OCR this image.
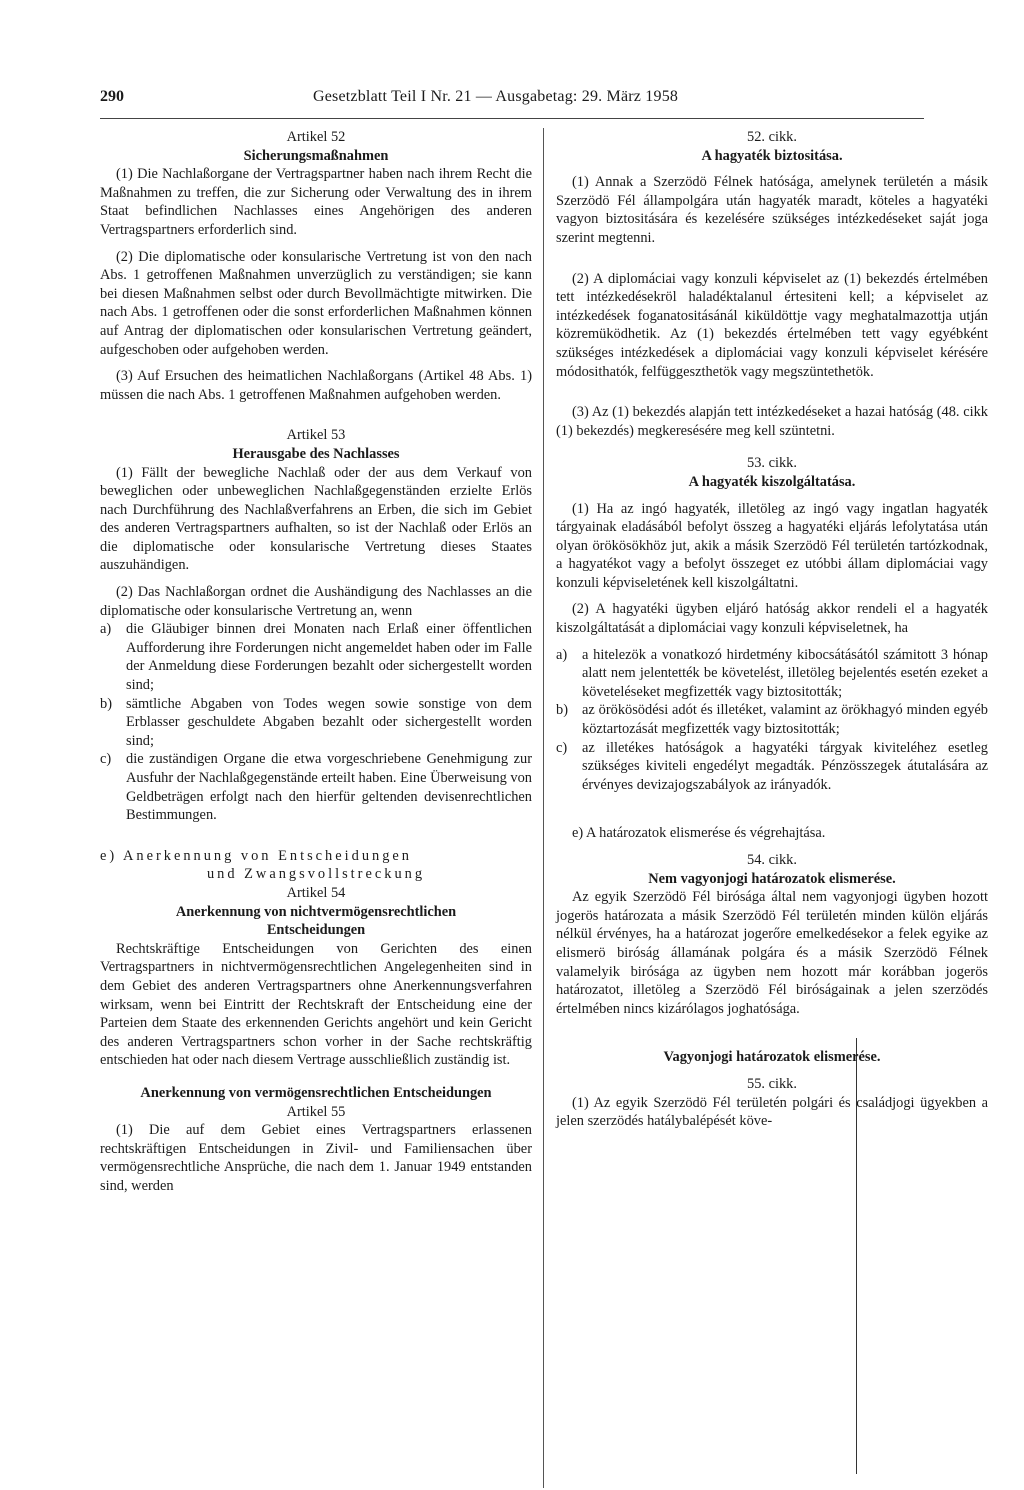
290	Gesetzblatt Teil I Nr. 21 — Ausgabetag: 29. März 1958

Artikel 52

Sicherungsmaßnahmen

(1) Die Nachlaßorgane der Vertragspartner haben nach ihrem Recht die Maßnahmen zu treffen, die zur Sicherung oder Verwaltung des in ihrem Staat befindlichen Nachlasses eines Angehörigen des anderen Vertragspartners erforderlich sind.

(2) Die diplomatische oder konsularische Vertretung ist von den nach Abs. 1 getroffenen Maßnahmen unverzüglich zu verständigen; sie kann bei diesen Maßnahmen selbst oder durch Bevollmächtigte mitwirken. Die nach Abs. 1 getroffenen oder die sonst erforderlichen Maßnahmen können auf Antrag der diplomatischen oder konsularischen Vertretung geändert, aufgeschoben oder aufgehoben werden.

(3) Auf Ersuchen des heimatlichen Nachlaßorgans (Artikel 48 Abs. 1) müssen die nach Abs. 1 getroffenen Maßnahmen aufgehoben werden.

Artikel 53

Herausgabe des Nachlasses

(1) Fällt der bewegliche Nachlaß oder der aus dem Verkauf von beweglichen oder unbeweglichen Nachlaßgegenständen erzielte Erlös nach Durchführung des Nachlaßverfahrens an Erben, die sich im Gebiet des anderen Vertragspartners aufhalten, so ist der Nachlaß oder Erlös an die diplomatische oder konsularische Vertretung dieses Staates auszuhändigen.

(2) Das Nachlaßorgan ordnet die Aushändigung des Nachlasses an die diplomatische oder konsularische Vertretung an, wenn

a)	die Gläubiger binnen drei Monaten nach Erlaß einer öffentlichen Aufforderung ihre Forderungen nicht angemeldet haben oder im Falle der Anmeldung diese Forderungen bezahlt oder sichergestellt worden sind;
b) sämtliche Abgaben von Todes wegen sowie sonstige von dem Erblasser geschuldete Abgaben bezahlt oder sichergestellt worden sind;
c)	die zuständigen Organe die etwa vorgeschriebene Genehmigung zur Ausfuhr der Nachlaßgegenstände erteilt haben. Eine Überweisung von Geldbeträgen erfolgt nach den hierfür geltenden devisenrechtlichen Bestimmungen.

e) Anerkennung von Entscheidungen

und Zwangsvollstreckung

Artikel 54

Anerkennung von nichtvermögensrechtlichen

Entscheidungen

Rechtskräftige Entscheidungen von Gerichten des einen Vertragspartners in nichtvermögensrechtlichen Angelegenheiten sind in dem Gebiet des anderen Vertragspartners ohne Anerkennungsverfahren wirksam, wenn bei Eintritt der Rechtskraft der Entscheidung eine der Parteien dem Staate des erkennenden Gerichts angehört und kein Gericht des anderen Vertragspartners schon vorher in der Sache rechtskräftig entschieden hat oder nach diesem Vertrage ausschließlich zuständig ist.

Anerkennung von vermögensrechtlichen Entscheidungen

Artikel 55

(1) Die auf dem Gebiet eines Vertragspartners erlassenen rechtskräftigen Entscheidungen in Zivil- und Familiensachen über vermögensrechtliche Ansprüche, die nach dem 1. Januar 1949 entstanden sind, werden

52. cikk.

A hagyaték biztositása.

(1) Annak a Szerzödö Félnek hatósága, amelynek területén a másik Szerzödö Fél állampolgára után hagyaték maradt, köteles a hagyatéki vagyon biztositására és kezelésére szükséges intézkedéseket saját joga szerint megtenni.

(2) A diplomáciai vagy konzuli képviselet az (1) bekezdés értelmében tett intézkedésekröl haladéktalanul értesiteni kell; a képviselet az intézkedések foganatositásánál kiküldöttje vagy meghatalmazottja utján közremüködhetik. Az (1) bekezdés értelmében tett vagy egyébként szükséges intézkedések a diplomáciai vagy konzuli képviselet kérésére módosithatók, felfüggeszthetök vagy megszüntethetök.

(3) Az (1) bekezdés alapján tett intézkedéseket a hazai hatóság (48. cikk (1) bekezdés) megkeresésére meg kell szüntetni.

53. cikk.

A hagyaték kiszolgáltatása.

(1) Ha az ingó hagyaték, illetöleg az ingó vagy ingatlan hagyaték tárgyainak eladásából befolyt összeg a hagyatéki eljárás lefolytatása után olyan örökösökhöz jut, akik a másik Szerzödö Fél területén tartózkodnak, a hagyatékot vagy a befolyt összeget ez utóbbi állam diplomáciai vagy konzuli képviseletének kell kiszolgáltatni.

(2) A hagyatéki ügyben eljáró hatóság akkor rendeli el a hagyaték kiszolgáltatását a diplomáciai vagy konzuli képviseletnek, ha

a)	a hitelezök a vonatkozó hirdetmény kibocsátásától számitott 3 hónap alatt nem jelentették be követelést, illetöleg bejelentés esetén ezeket a követeléseket megfizették vagy biztositották;
b) az örökösödési adót és illetéket, valamint az örökhagyó minden egyéb köztartozását megfizették vagy biztositották;
c)	az illetékes hatóságok a hagyatéki tárgyak kiviteléhez esetleg szükséges kiviteli engedélyt megadták. Pénzösszegek átutalására az érvényes devizajogszabályok az irányadók.

e) A határozatok elismerése és végrehajtása.

54. cikk.

Nem vagyonjogi határozatok elismerése.

Az egyik Szerzödö Fél birósága által nem vagyonjogi ügyben hozott jogerös határozata a másik Szerzödö Fél területén minden külön eljárás nélkül érvényes, ha a határozat jogerőre emelkedésekor a felek egyike az elismerö biróság államának polgára és a másik Szerzödö Félnek valamelyik birósága az ügyben nem hozott már korábban jogerös határozatot, illetöleg a Szerzödö Fél biróságainak a jelen szerzödés értelmében nincs kizárólagos joghatósága.

Vagyonjogi határozatok elismerése.

55. cikk.

(1) Az egyik Szerzödö Fél területén polgári és családjogi ügyekben a jelen szerzödés hatálybalépését köve-
